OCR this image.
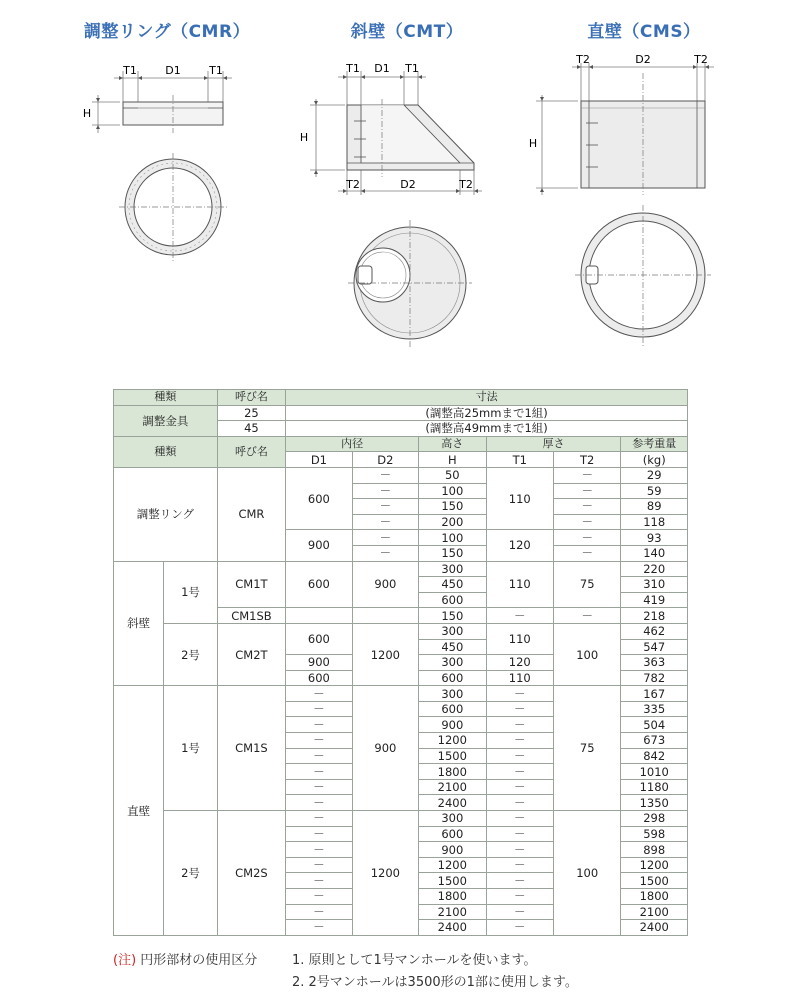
調整リング（CMR）	斜壁（CMT）	直壁（CMS）
T1	D1	T1
H
T1 D1 T1
T2	D2	T2
H
T2	D2	T2
H
種類		呼び名	寸法					
調整金具		25	(調整高25mmまで1組)					
		45	(調整高49mmまで1組)					
種類		呼び名	内径		高さ	厚さ		参考重量
			D1	D2	H	T1	T2	(kg)
調整リング		CMR	600	－	50	110	－	29
				－	100		－	59
				－	150		－	89
				－	200		－	118
			900	－	100	120	－	93
				－	150		－	140
斜壁	1号	CM1T	600	900	300	110	75	220
					450			310
					600			419
		CM1SB			150	－	－	218
	2号	CM2T	600	1200	300	110	100	462
					450			547
			900		300	120		363
			600		600	110		782
直壁	1号	CM1S	－	900	300	－	75	167
			－		600	－		335
			－		900	－		504
			－		1200	－		673
			－		1500	－		842
			－		1800	－		1010
			－		2100	－		1180
			－		2400	－		1350
	2号	CM2S	－	1200	300	－	100	298
			－		600	－		598
			－		900	－		898
			－		1200	－		1200
			－		1500	－		1500
			－		1800	－		1800
			－		2100	－		2100
			－		2400	－		2400
(注) 円形部材の使用区分	1. 原則として1号マンホールを使います。
2. 2号マンホールは3500形の1部に使用します。
